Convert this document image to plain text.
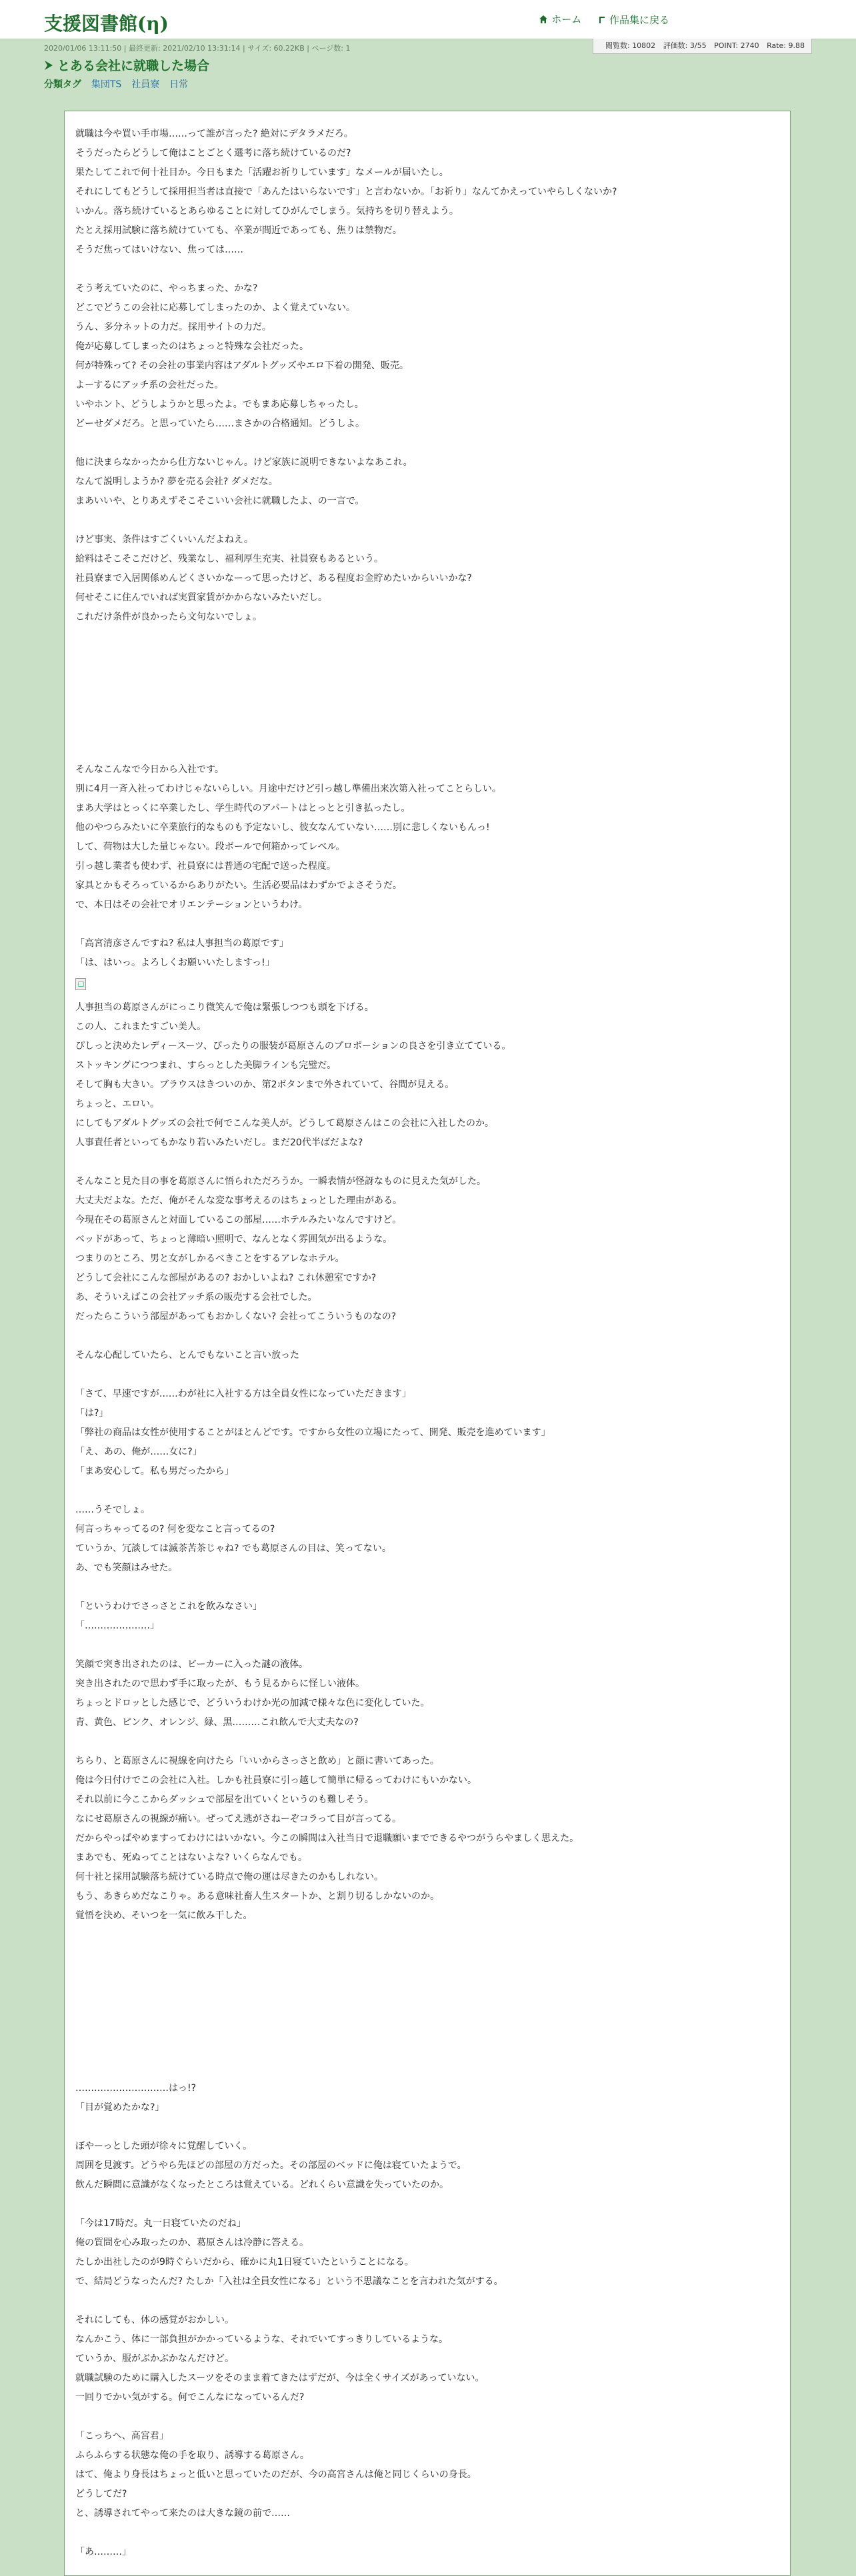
支援図書館(η)	ホーム
	作品集に戻る
閲覧数: 10802 評価数: 3/55 POINT: 2740 Rate: 9.88
2020/01/06 13:11:50 | 最終更新: 2021/02/10 13:31:14 | サイズ: 60.22KB | ページ数: 1
とある会社に就職した場合
分類タグ 集団TS 社員寮 日常

就職は今や買い手市場……って誰が言った? 絶対にデタラメだろ。

そうだったらどうして俺はことごとく選考に落ち続けているのだ?

果たしてこれで何十社目か。今日もまた「活躍お祈りしています」なメールが届いたし。

それにしてもどうして採用担当者は直接で「あんたはいらないです」と言わないか。「お祈り」なんてかえっていやらしくないか?

いかん。落ち続けているとあらゆることに対してひがんでしまう。気持ちを切り替えよう。

たとえ採用試験に落ち続けていても、卒業が間近であっても、焦りは禁物だ。

そうだ焦ってはいけない、焦っては……

そう考えていたのに、やっちまった、かな?

どこでどうこの会社に応募してしまったのか、よく覚えていない。

うん、多分ネットの力だ。採用サイトの力だ。

俺が応募してしまったのはちょっと特殊な会社だった。

何が特殊って? その会社の事業内容はアダルトグッズやエロ下着の開発、販売。

よーするにアッチ系の会社だった。

いやホント、どうしようかと思ったよ。でもまあ応募しちゃったし。

どーせダメだろ。と思っていたら……まさかの合格通知。どうしよ。

他に決まらなかったから仕方ないじゃん。けど家族に説明できないよなあこれ。

なんて説明しようか? 夢を売る会社? ダメだな。

まあいいや、とりあえずそこそこいい会社に就職したよ、の一言で。

けど事実、条件はすごくいいんだよねえ。

給料はそこそこだけど、残業なし、福利厚生充実、社員寮もあるという。

社員寮まで入居関係めんどくさいかなーって思ったけど、ある程度お金貯めたいからいいかな?

何せそこに住んでいれば実質家賃がかからないみたいだし。

これだけ条件が良かったら文句ないでしょ。

そんなこんなで今日から入社です。

別に4月一斉入社ってわけじゃないらしい。月途中だけど引っ越し準備出来次第入社ってことらしい。

まあ大学はとっくに卒業したし、学生時代のアパートはとっとと引き払ったし。

他のやつらみたいに卒業旅行的なものも予定ないし、彼女なんていない……別に悲しくないもんっ!

して、荷物は大した量じゃない。段ボールで何箱かってレベル。

引っ越し業者も使わず、社員寮には普通の宅配で送った程度。

家具とかもそろっているからありがたい。生活必要品はわずかでよさそうだ。

で、本日はその会社でオリエンテーションというわけ。

「高宮清彦さんですね? 私は人事担当の葛原です」

「は、はいっ。よろしくお願いいたしますっ!」

人事担当の葛原さんがにっこり微笑んで俺は緊張しつつも頭を下げる。

この人、これまたすごい美人。

ぴしっと決めたレディースーツ、ぴったりの服装が葛原さんのプロポーションの良さを引き立てている。

ストッキングにつつまれ、すらっとした美脚ラインも完璧だ。

そして胸も大きい。ブラウスはきついのか、第2ボタンまで外されていて、谷間が見える。

ちょっと、エロい。

にしてもアダルトグッズの会社で何でこんな美人が。どうして葛原さんはこの会社に入社したのか。

人事責任者といってもかなり若いみたいだし。まだ20代半ばだよな?

そんなこと見た目の事を葛原さんに悟られただろうか。一瞬表情が怪訝なものに見えた気がした。

大丈夫だよな。ただ、俺がそんな変な事考えるのはちょっとした理由がある。

今現在その葛原さんと対面しているこの部屋……ホテルみたいなんですけど。

ベッドがあって、ちょっと薄暗い照明で、なんとなく雰囲気が出るような。

つまりのところ、男と女がしかるべきことをするアレなホテル。

どうして会社にこんな部屋があるの? おかしいよね? これ休憩室ですか?

あ、そういえばこの会社アッチ系の販売する会社でした。

だったらこういう部屋があってもおかしくない? 会社ってこういうものなの?

そんな心配していたら、とんでもないこと言い放った

「さて、早速ですが……わが社に入社する方は全員女性になっていただきます」

「は?」

「弊社の商品は女性が使用することがほとんどです。ですから女性の立場にたって、開発、販売を進めています」

「え、あの、俺が……女に?」

「まあ安心して。私も男だったから」

……うそでしょ。

何言っちゃってるの? 何を変なこと言ってるの?

ていうか、冗談しては滅茶苦茶じゃね? でも葛原さんの目は、笑ってない。

あ、でも笑顔はみせた。

「というわけでさっさとこれを飲みなさい」

「…………………」

笑顔で突き出されたのは、ビーカーに入った謎の液体。

突き出されたので思わず手に取ったが、もう見るからに怪しい液体。

ちょっとドロッとした感じで、どういうわけか光の加減で様々な色に変化していた。

青、黄色、ピンク、オレンジ、緑、黒………これ飲んで大丈夫なの?

ちらり、と葛原さんに視線を向けたら「いいからさっさと飲め」と顔に書いてあった。

俺は今日付けでこの会社に入社。しかも社員寮に引っ越して簡単に帰るってわけにもいかない。

それ以前に今ここからダッシュで部屋を出ていくというのも難しそう。

なにせ葛原さんの視線が痛い。ぜってえ逃がさねーぞコラって目が言ってる。

だからやっぱやめますってわけにはいかない。今この瞬間は入社当日で退職願いまでできるやつがうらやましく思えた。

まあでも、死ぬってことはないよな? いくらなんでも。

何十社と採用試験落ち続けている時点で俺の運は尽きたのかもしれない。

もう、あきらめだなこりゃ。ある意味社畜人生スタートか、と割り切るしかないのか。

覚悟を決め、そいつを一気に飲み干した。

…………………………はっ!?

「目が覚めたかな?」

ぼやーっとした頭が徐々に覚醒していく。

周囲を見渡す。どうやら先ほどの部屋の方だった。その部屋のベッドに俺は寝ていたようで。

飲んだ瞬間に意識がなくなったところは覚えている。どれくらい意識を失っていたのか。

「今は17時だ。丸一日寝ていたのだね」

俺の質問を心み取ったのか、葛原さんは冷静に答える。

たしか出社したのが9時ぐらいだから、確かに丸1日寝ていたということになる。

で、結局どうなったんだ? たしか「入社は全員女性になる」という不思議なことを言われた気がする。

それにしても、体の感覚がおかしい。

なんかこう、体に一部負担がかかっているような、それでいてすっきりしているような。

ていうか、服がぶかぶかなんだけど。

就職試験のために購入したスーツをそのまま着てきたはずだが、今は全くサイズがあっていない。

一回りでかい気がする。何でこんなになっているんだ?

「こっちへ、高宮君」

ふらふらする状態な俺の手を取り、誘導する葛原さん。

はて、俺より身長はちょっと低いと思っていたのだが、今の高宮さんは俺と同じくらいの身長。

どうしてだ?

と、誘導されてやって来たのは大きな鏡の前で……

「あ………」
